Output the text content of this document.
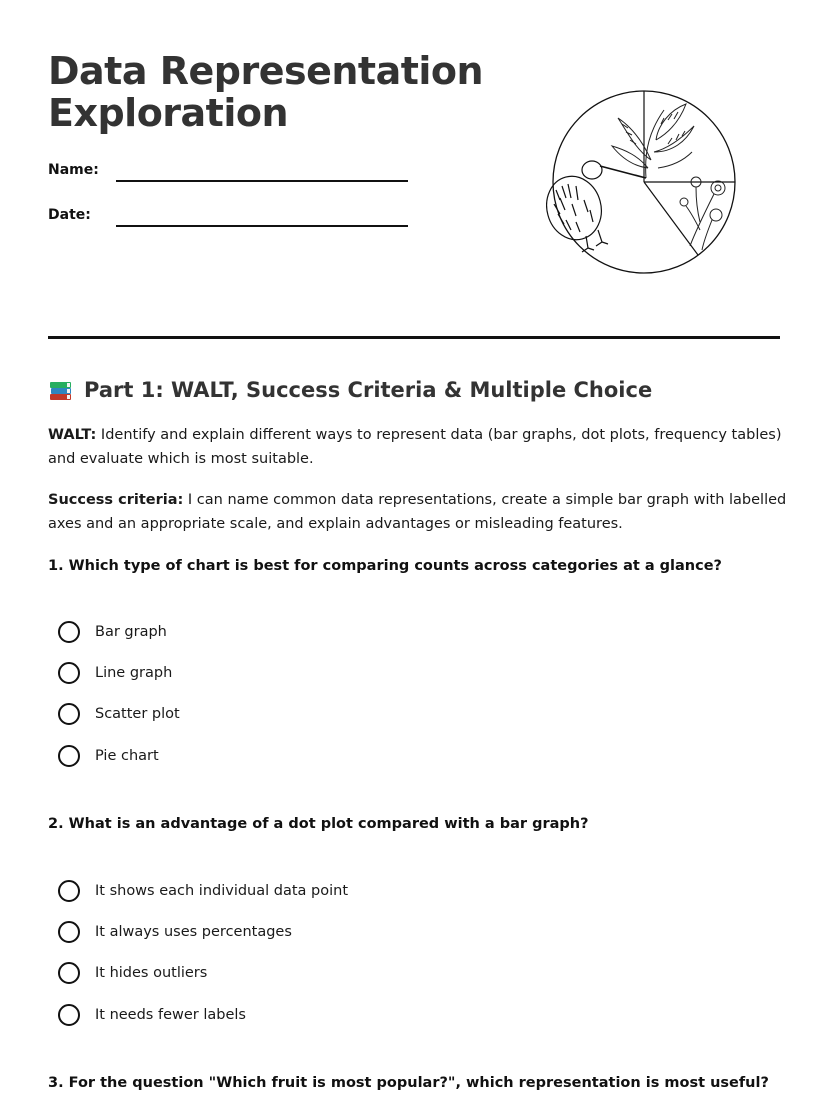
Data Representation
Exploration
Name:
Date:
Part 1: WALT, Success Criteria & Multiple Choice
WALT: Identify and explain different ways to represent data (bar graphs, dot plots, frequency tables) and evaluate which is most suitable.
Success criteria: I can name common data representations, create a simple bar graph with labelled axes and an appropriate scale, and explain advantages or misleading features.
1. Which type of chart is best for comparing counts across categories at a glance?
Bar graph
Line graph
Scatter plot
Pie chart
2. What is an advantage of a dot plot compared with a bar graph?
It shows each individual data point
It always uses percentages
It hides outliers
It needs fewer labels
3. For the question "Which fruit is most popular?", which representation is most useful?
